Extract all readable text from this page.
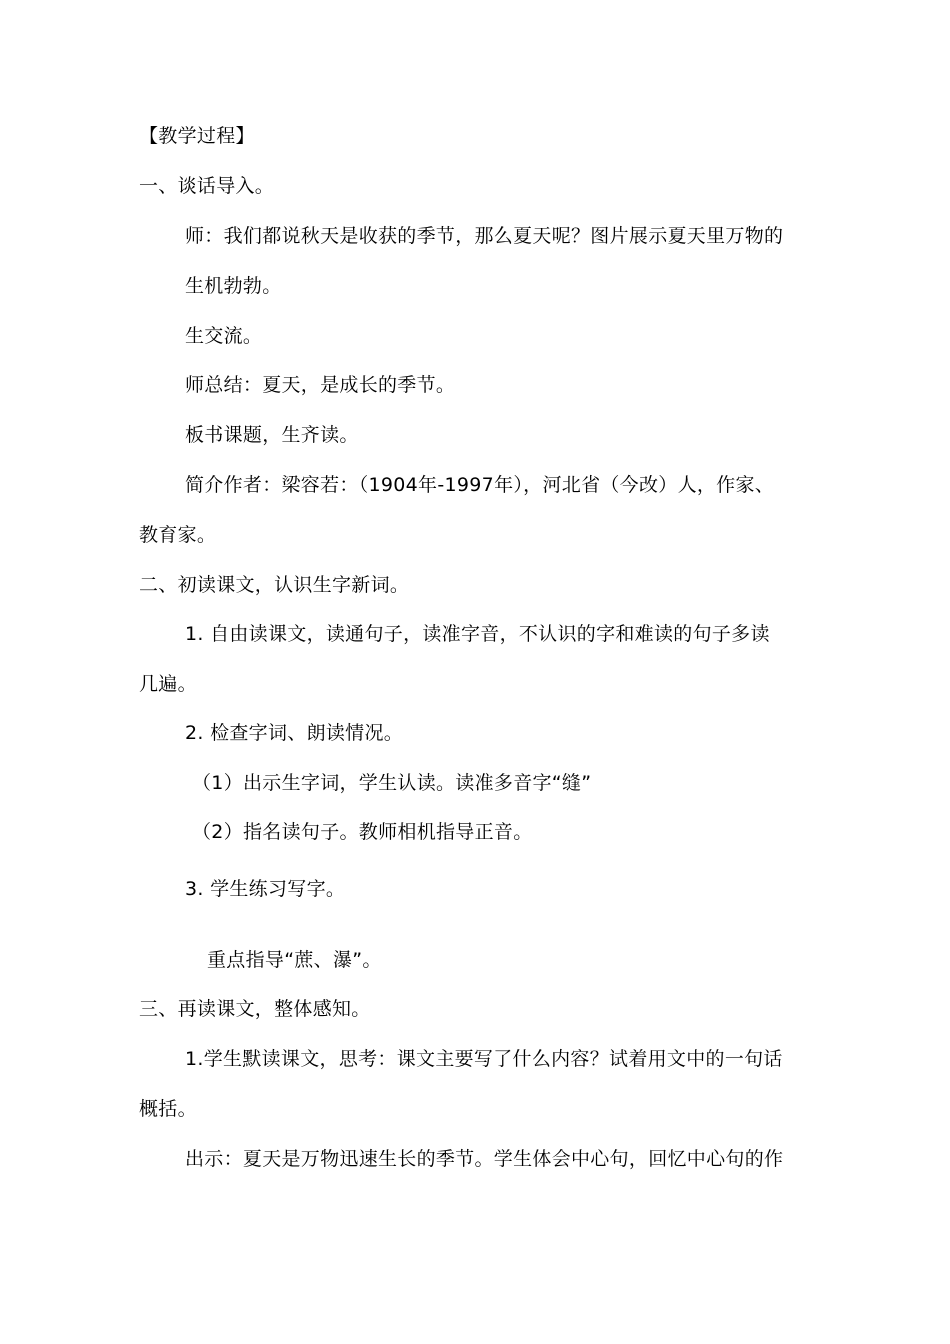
【教学过程】
一、谈话导入。
师：我们都说秋天是收获的季节，那么夏天呢？图片展示夏天里万物的
生机勃勃。
生交流。
师总结：夏天，是成长的季节。
板书课题，生齐读。
简介作者：梁容若：（1904年-1997年），河北省（今改）人，作家、
教育家。
二、初读课文，认识生字新词。
1. 自由读课文，读通句子，读准字音，不认识的字和难读的句子多读
几遍。
2. 检查字词、朗读情况。
（1）出示生字词，学生认读。读准多音字“缝”
（2）指名读句子。教师相机指导正音。
3. 学生练习写字。
重点指导“蔗、瀑”。
三、再读课文，整体感知。
1.学生默读课文，思考：课文主要写了什么内容？试着用文中的一句话
概括。
出示：夏天是万物迅速生长的季节。学生体会中心句，回忆中心句的作
